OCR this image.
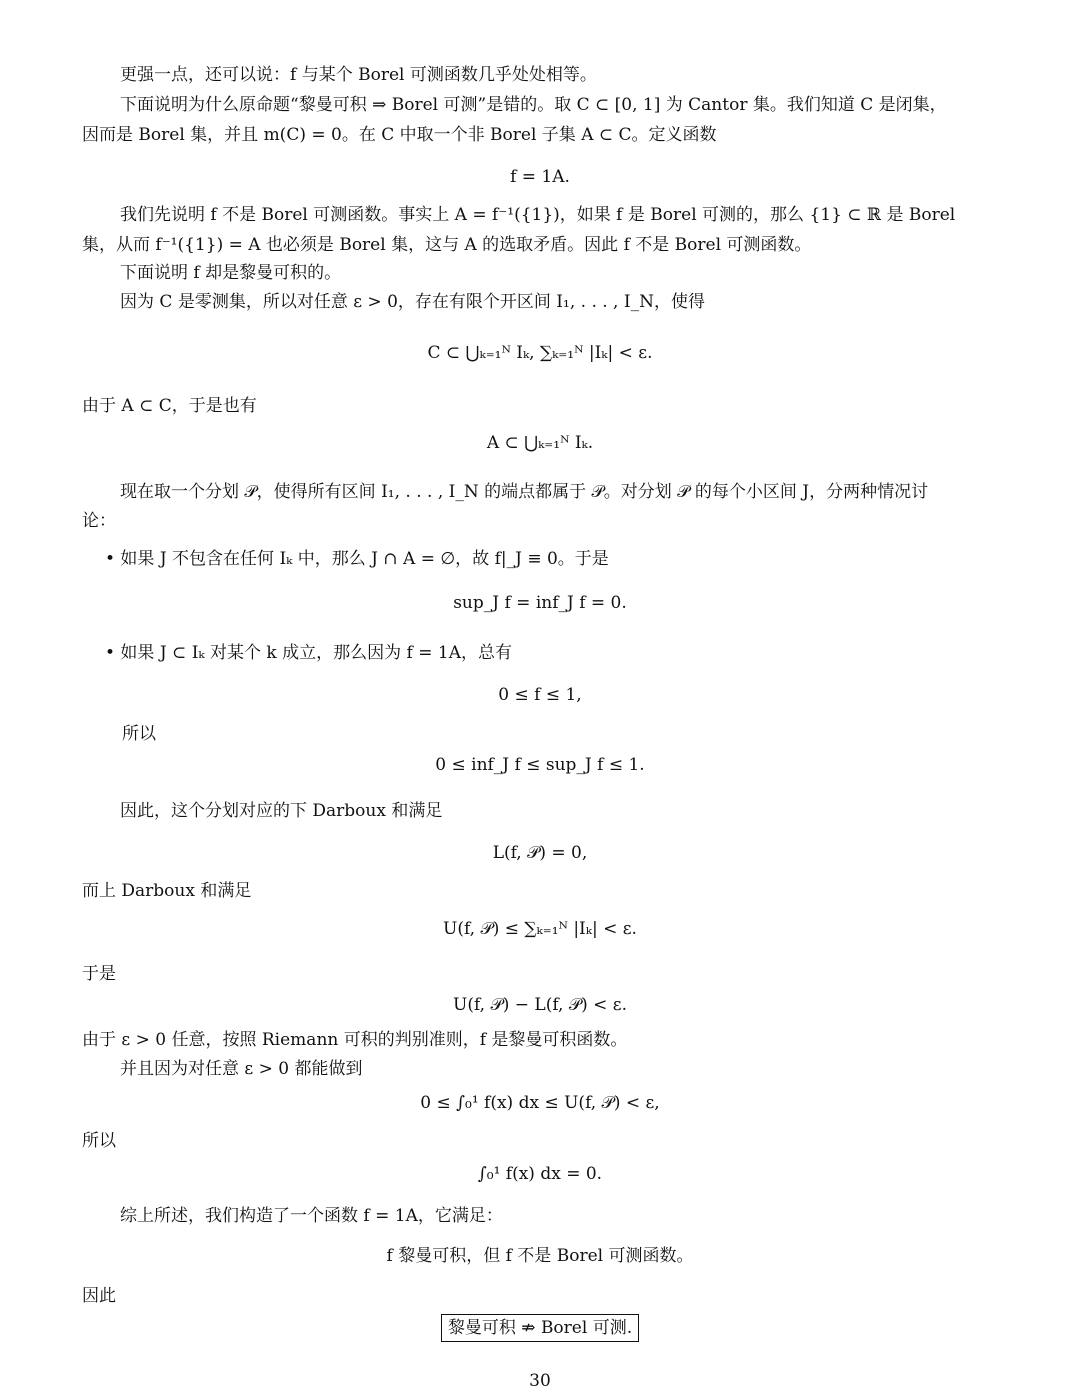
更强一点，还可以说：f 与某个 Borel 可测函数几乎处处相等。
下面说明为什么原命题“黎曼可积 ⇒ Borel 可测”是错的。取 C ⊂ [0, 1] 为 Cantor 集。我们知道 C 是闭集，
因而是 Borel 集，并且 m(C) = 0。在 C 中取一个非 Borel 子集 A ⊂ C。定义函数
f = 1A.
我们先说明 f 不是 Borel 可测函数。事实上 A = f⁻¹({1})，如果 f 是 Borel 可测的，那么 {1} ⊂ ℝ 是 Borel
集，从而 f⁻¹({1}) = A 也必须是 Borel 集，这与 A 的选取矛盾。因此 f 不是 Borel 可测函数。
下面说明 f 却是黎曼可积的。
因为 C 是零测集，所以对任意 ε > 0，存在有限个开区间 I₁, . . . , I_N，使得
C ⊂ ⋃ₖ₌₁ᴺ Iₖ, ∑ₖ₌₁ᴺ |Iₖ| < ε.
由于 A ⊂ C，于是也有
A ⊂ ⋃ₖ₌₁ᴺ Iₖ.
现在取一个分划 𝒫，使得所有区间 I₁, . . . , I_N 的端点都属于 𝒫。对分划 𝒫 的每个小区间 J，分两种情况讨
论：
• 如果 J 不包含在任何 Iₖ 中，那么 J ∩ A = ∅，故 f|_J ≡ 0。于是
sup_J f = inf_J f = 0.
• 如果 J ⊂ Iₖ 对某个 k 成立，那么因为 f = 1A，总有
0 ≤ f ≤ 1,
所以
0 ≤ inf_J f ≤ sup_J f ≤ 1.
因此，这个分划对应的下 Darboux 和满足
L(f, 𝒫) = 0,
而上 Darboux 和满足
U(f, 𝒫) ≤ ∑ₖ₌₁ᴺ |Iₖ| < ε.
于是
U(f, 𝒫) − L(f, 𝒫) < ε.
由于 ε > 0 任意，按照 Riemann 可积的判别准则，f 是黎曼可积函数。
并且因为对任意 ε > 0 都能做到
0 ≤ ∫₀¹ f(x) dx ≤ U(f, 𝒫) < ε,
所以
∫₀¹ f(x) dx = 0.
综上所述，我们构造了一个函数 f = 1A，它满足：
f 黎曼可积，但 f 不是 Borel 可测函数。
因此
黎曼可积 ⇏ Borel 可测.
30
